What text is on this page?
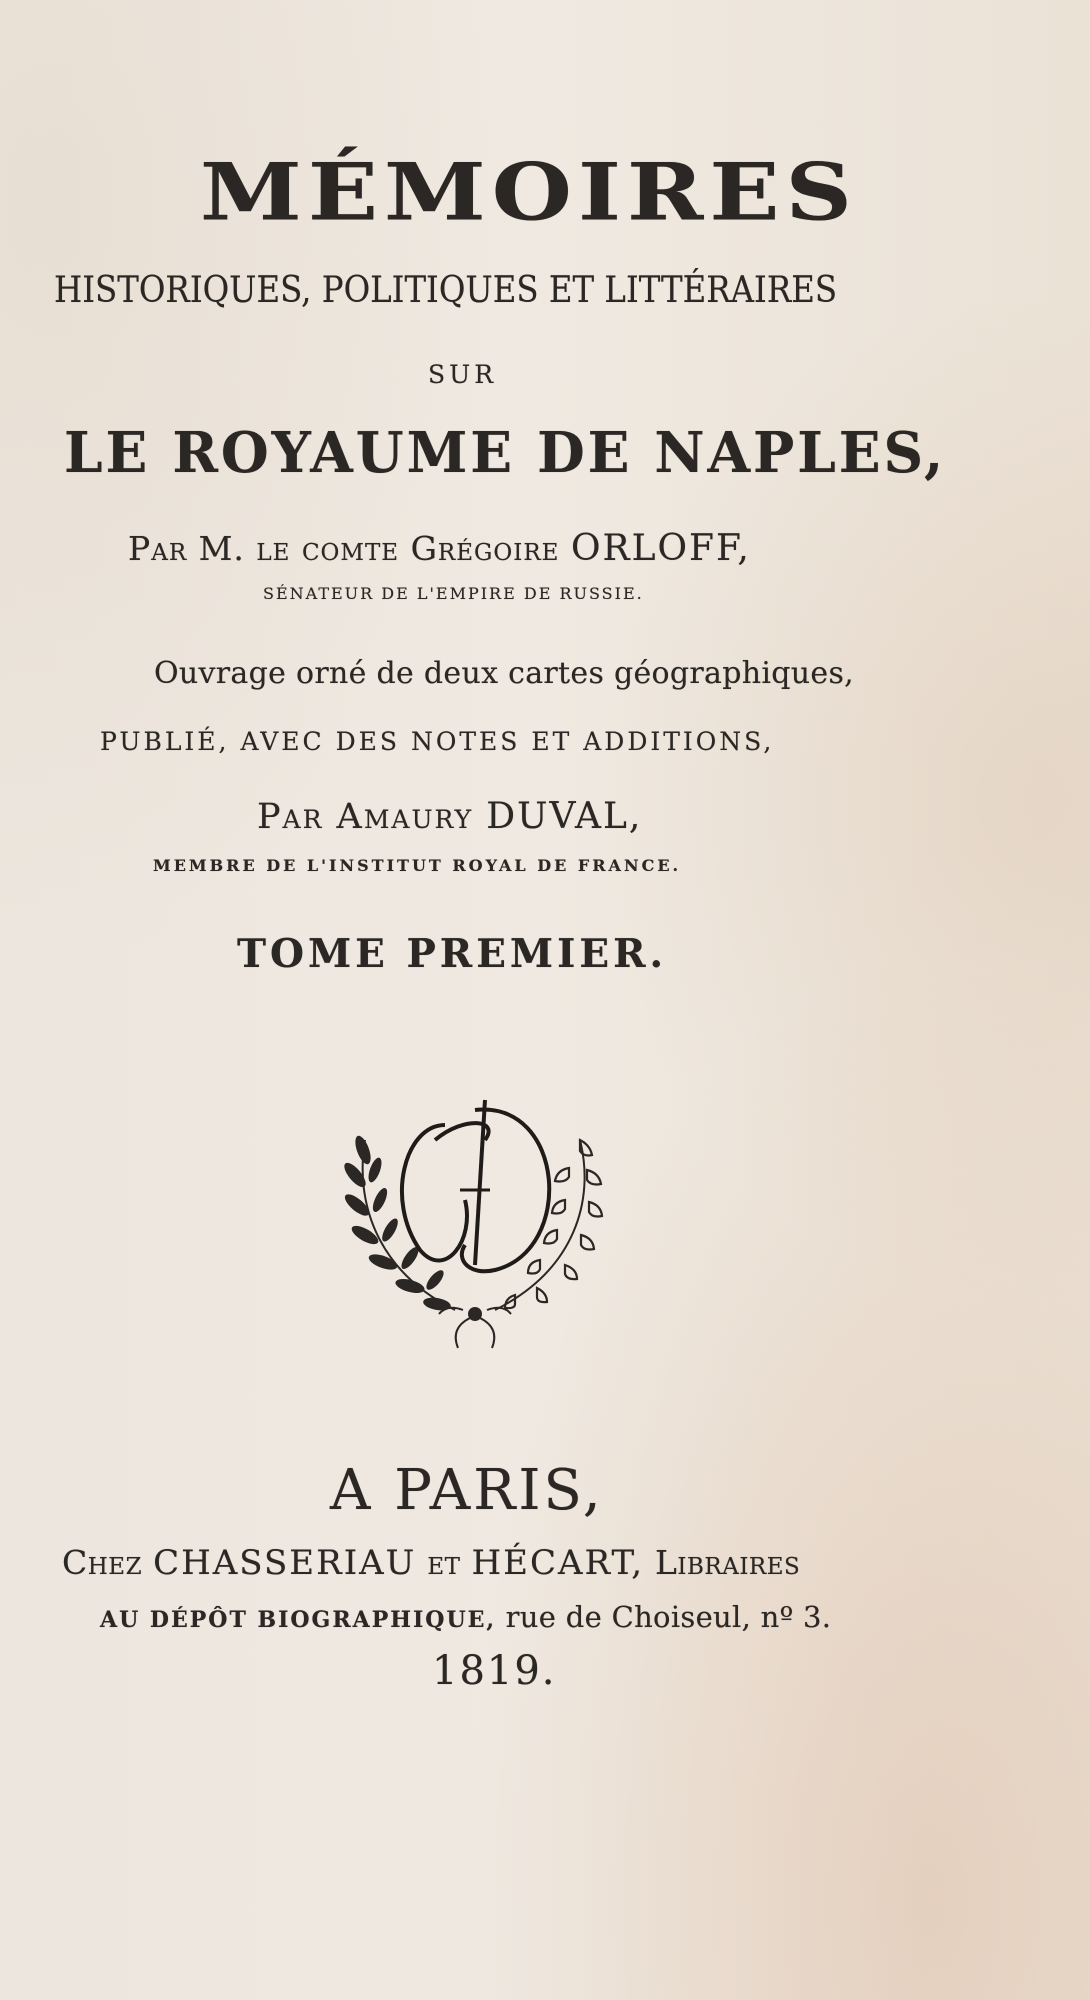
MÉMOIRES
HISTORIQUES, POLITIQUES ET LITTÉRAIRES
SUR
LE ROYAUME DE NAPLES,
Par M. le comte Grégoire ORLOFF,
SÉNATEUR DE L'EMPIRE DE RUSSIE.
Ouvrage orné de deux cartes géographiques,
PUBLIÉ, AVEC DES NOTES ET ADDITIONS,
Par Amaury DUVAL,
MEMBRE DE L'INSTITUT ROYAL DE FRANCE.
TOME PREMIER.
A PARIS,
Chez CHASSERIAU et HÉCART, Libraires
AU DÉPÔT BIOGRAPHIQUE, rue de Choiseul, nº 3.
1819.
